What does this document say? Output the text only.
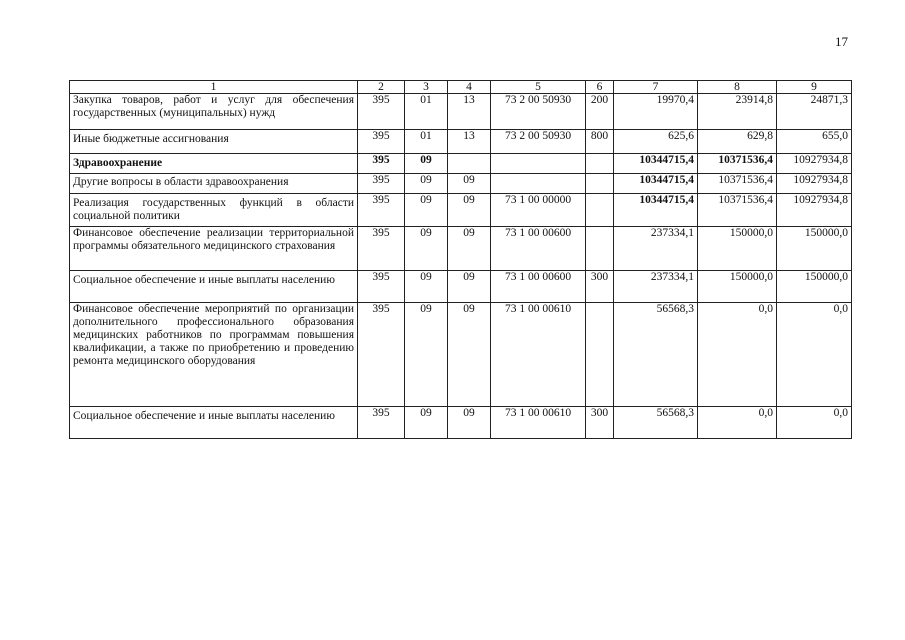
17
1	2	3	4	5	6	7	8	9
Закупка товаров, работ и услуг для обеспечения государственных (муниципальных) нужд	395	01	13	73 2 00 50930	200	19970,4	23914,8	24871,3
Иные бюджетные ассигнования	395	01	13	73 2 00 50930	800	625,6	629,8	655,0
Здравоохранение	395	09				10344715,4	10371536,4	10927934,8
Другие вопросы в области здравоохранения	395	09	09			10344715,4	10371536,4	10927934,8
Реализация государственных функций в области социальной политики	395	09	09	73 1 00 00000		10344715,4	10371536,4	10927934,8
Финансовое обеспечение реализации территориальной программы обязательного медицинского страхования	395	09	09	73 1 00 00600		237334,1	150000,0	150000,0
Социальное обеспечение и иные выплаты населению	395	09	09	73 1 00 00600	300	237334,1	150000,0	150000,0
Финансовое обеспечение мероприятий по организации дополнительного профессионального образования медицинских работников по программам повышения квалификации, а также по приобретению и проведению ремонта медицинского оборудования	395	09	09	73 1 00 00610		56568,3	0,0	0,0
Социальное обеспечение и иные выплаты населению	395	09	09	73 1 00 00610	300	56568,3	0,0	0,0
